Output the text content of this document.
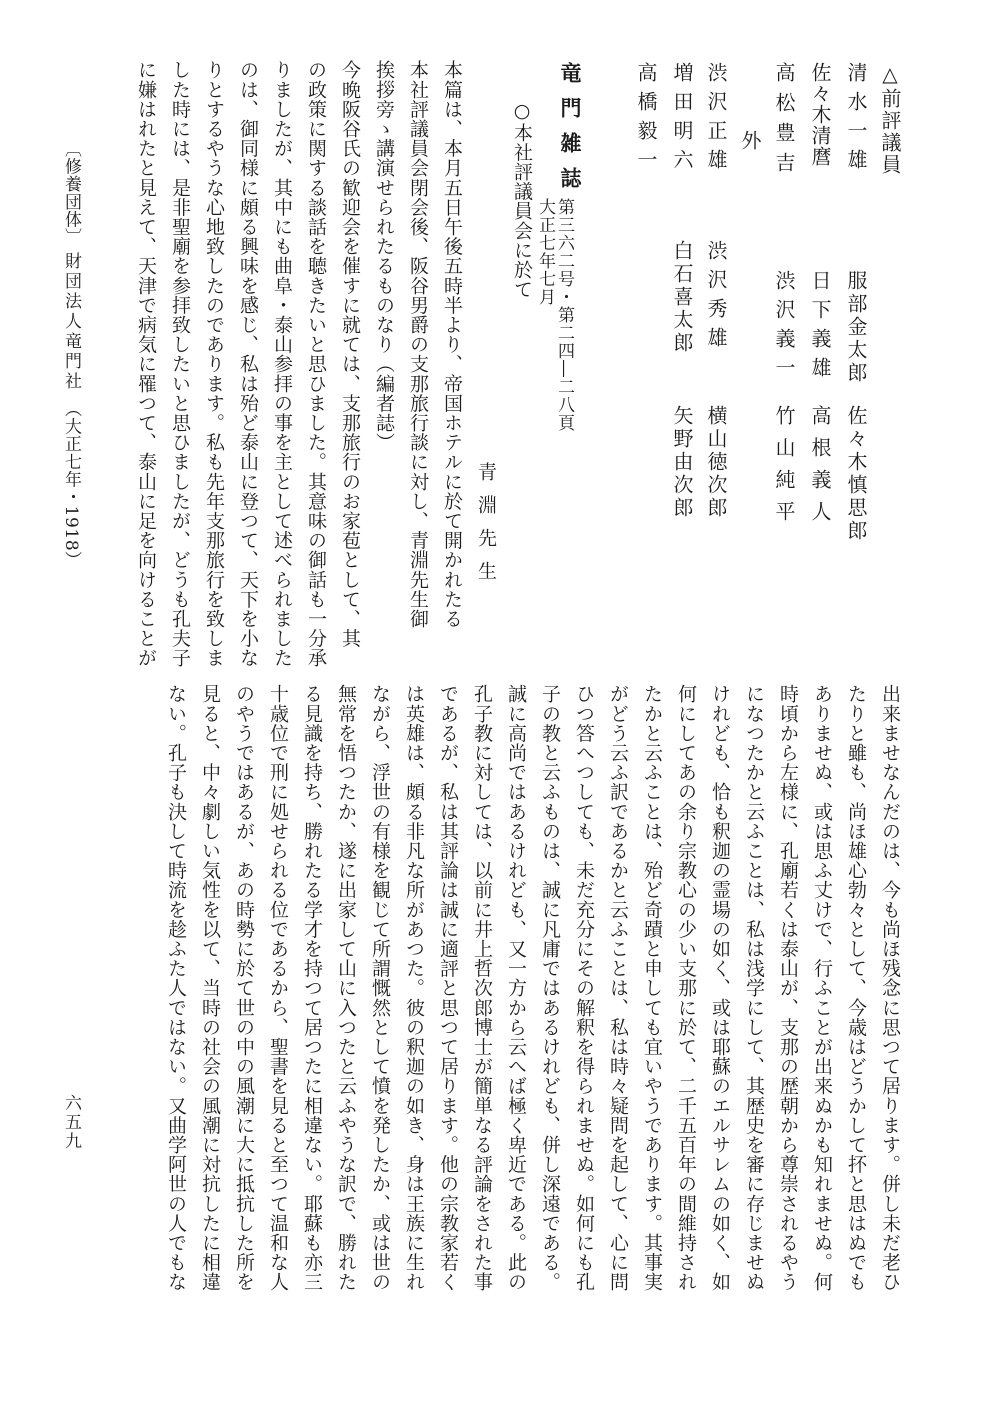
△前評議員
清水一雄
服部金太郎
佐々木慎思郎
佐々木清麿
日下義雄
高根義人
高松豊吉
渋沢義一
竹山純平
外
渋沢正雄
渋沢秀雄
横山徳次郎
増田明六
白石喜太郎
矢野由次郎
高橋毅一
竜門雑誌
第三六二号・第二四―二八頁
大正七年七月
○本社評議員会に於て
青淵先生
本篇は、本月五日午後五時半より、帝国ホテルに於て開かれたる
本社評議員会閉会後、阪谷男爵の支那旅行談に対し、青淵先生御
挨拶旁ゝ講演せられたるものなり（編者誌）
今晩阪谷氏の歓迎会を催すに就ては、支那旅行のお家苞として、其
の政策に関する談話を聴きたいと思ひました。其意味の御話も一分承
りましたが、其中にも曲阜・泰山参拝の事を主として述べられました
のは、御同様に頗る興味を感じ、私は殆ど泰山に登つて、天下を小な
りとするやうな心地致したのであります。私も先年支那旅行を致しま
した時には、是非聖廟を参拝致したいと思ひましたが、どうも孔夫子
に嫌はれたと見えて、天津で病気に罹つて、泰山に足を向けることが
出来ませなんだのは、今も尚ほ残念に思つて居ります。併し未だ老ひ
たりと雖も、尚ほ雄心勃々として、今歳はどうかして抔と思はぬでも
ありませぬ、或は思ふ丈けで、行ふことが出来ぬかも知れませぬ。何
時頃から左様に、孔廟若くは泰山が、支那の歴朝から尊崇されるやう
になつたかと云ふことは、私は浅学にして、其歴史を審に存じませぬ
けれども、恰も釈迦の霊場の如く、或は耶蘇のエルサレムの如く、如
何にしてあの余り宗教心の少い支那に於て、二千五百年の間維持され
たかと云ふことは、殆ど奇蹟と申しても宜いやうであります。其事実
がどう云ふ訳であるかと云ふことは、私は時々疑問を起して、心に問
ひつ答へつしても、未だ充分にその解釈を得られませぬ。如何にも孔
子の教と云ふものは、誠に凡庸ではあるけれども、併し深遠である。
誠に高尚ではあるけれども、又一方から云へば極く卑近である。此の
孔子教に対しては、以前に井上哲次郎博士が簡単なる評論をされた事
であるが、私は其評論は誠に適評と思つて居ります。他の宗教家若く
は英雄は、頗る非凡な所があつた。彼の釈迦の如き、身は王族に生れ
ながら、浮世の有様を観じて所謂慨然として憤を発したか、或は世の
無常を悟つたか、遂に出家して山に入つたと云ふやうな訳で、勝れた
る見識を持ち、勝れたる学才を持つて居つたに相違ない。耶蘇も亦三
十歳位で刑に処せられる位であるから、聖書を見ると至つて温和な人
のやうではあるが、あの時勢に於て世の中の風潮に大に抵抗した所を
見ると、中々劇しい気性を以て、当時の社会の風潮に対抗したに相違
ない。孔子も決して時流を趁ふた人ではない。又曲学阿世の人でもな
〔修養団体〕
財団法人竜門社
（大正七年・1918）
六五九
